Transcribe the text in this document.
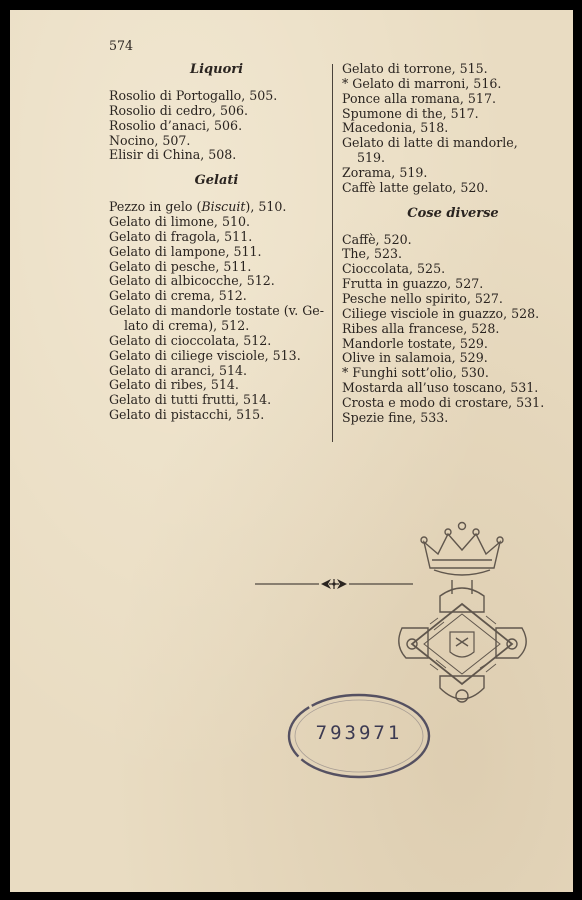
574
Liquori
Rosolio di Portogallo, 505.
Rosolio di cedro, 506.
Rosolio d’anaci, 506.
Nocino, 507.
Elisir di China, 508.
Gelati
Pezzo in gelo (Biscuit), 510.
Gelato di limone, 510.
Gelato di fragola, 511.
Gelato di lampone, 511.
Gelato di pesche, 511.
Gelato di albicocche, 512.
Gelato di crema, 512.
Gelato di mandorle tostate (v. Ge-
lato di crema), 512.
Gelato di cioccolata, 512.
Gelato di ciliege visciole, 513.
Gelato di aranci, 514.
Gelato di ribes, 514.
Gelato di tutti frutti, 514.
Gelato di pistacchi, 515.
Gelato di torrone, 515.
* Gelato di marroni, 516.
Ponce alla romana, 517.
Spumone di the, 517.
Macedonia, 518.
Gelato di latte di mandorle,
519.
Zorama, 519.
Caffè latte gelato, 520.
Cose diverse
Caffè, 520.
The, 523.
Cioccolata, 525.
Frutta in guazzo, 527.
Pesche nello spirito, 527.
Ciliege visciole in guazzo, 528.
Ribes alla francese, 528.
Mandorle tostate, 529.
Olive in salamoia, 529.
* Funghi sott’olio, 530.
Mostarda all’uso toscano, 531.
Crosta e modo di crostare, 531.
Spezie fine, 533.
793971
